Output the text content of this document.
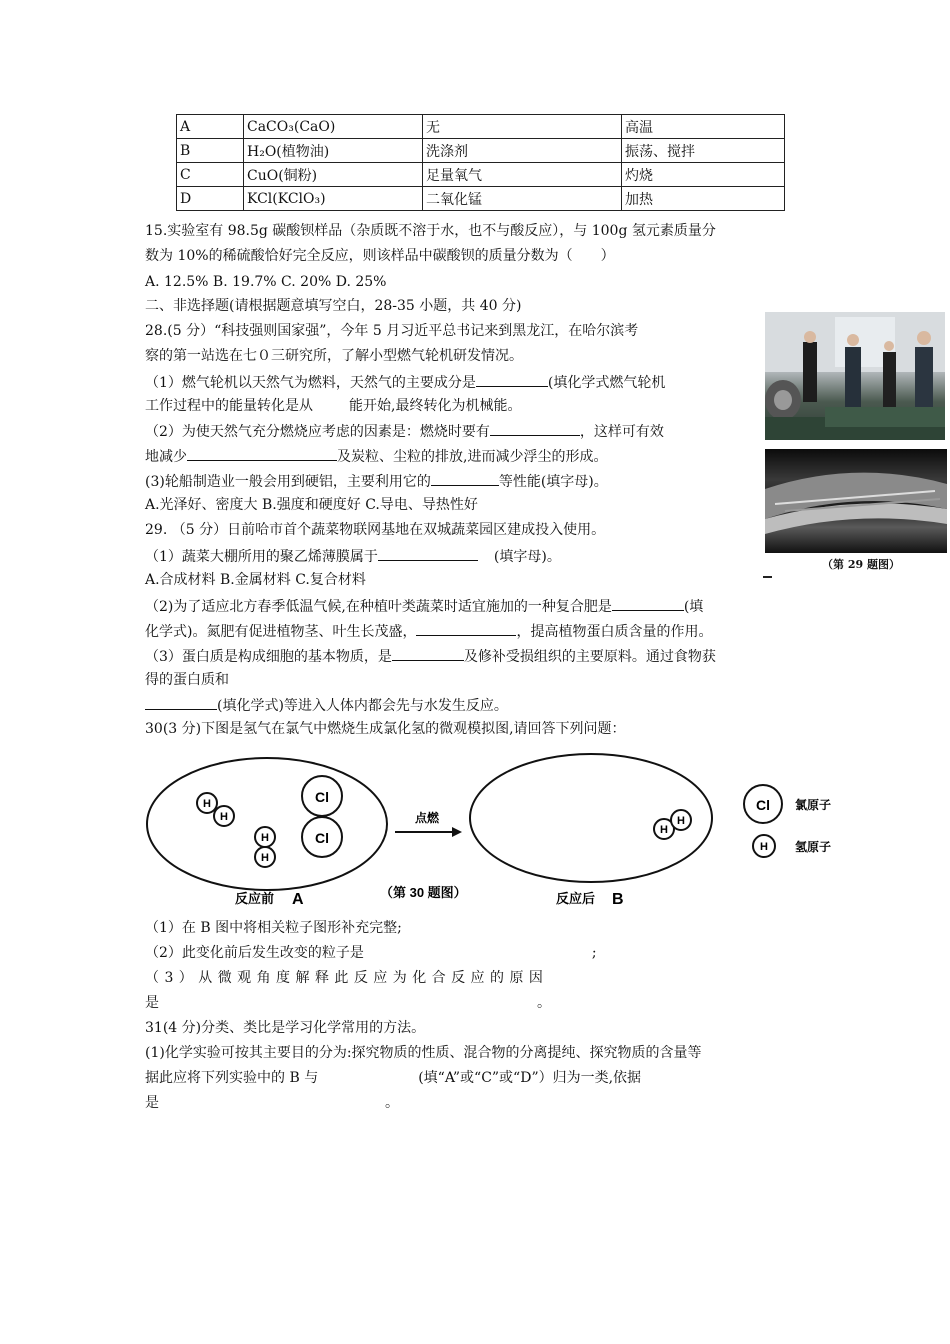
A	CaCO₃(CaO)	无	高温
B	H₂O(植物油)	洗涤剂	振荡、搅拌
C	CuO(铜粉)	足量氧气	灼烧
D	KCl(KClO₃)	二氧化锰	加热
15.实验室有 98.5g 碳酸钡样品（杂质既不溶于水，也不与酸反应），与 100g 氢元素质量分
数为 10%的稀硫酸恰好完全反应，则该样品中碳酸钡的质量分数为（　　）
A. 12.5% B. 19.7% C. 20% D. 25%
二、非选择题(请根据题意填写空白，28-35 小题，共 40 分)
28.(5 分）“科技强则国家强”，今年 5 月习近平总书记来到黑龙江，在哈尔滨考
察的第一站选在七０三研究所，了解小型燃气轮机研发情况。
（1）燃气轮机以天然气为燃料，天然气的主要成分是	(填化学式燃气轮机
工作过程中的能量转化是从	能开始,最终转化为机械能。
（2）为使天然气充分燃烧应考虑的因素是：燃烧时要有	，这样可有效
地减少	及炭粒、尘粒的排放,进而减少浮尘的形成。
(3)轮船制造业一般会用到硬铝，主要利用它的	等性能(填字母)。
A.光泽好、密度大 B.强度和硬度好 C.导电、导热性好
（第 29 题图）
29. （5 分）日前哈市首个蔬菜物联网基地在双城蔬菜园区建成投入使用。
（1）蔬菜大棚所用的聚乙烯薄膜属于	(填字母)。
A.合成材料 B.金属材料 C.复合材料
（2)为了适应北方春季低温气候,在种植叶类蔬菜时适宜施加的一种复合肥是	(填
化学式)。氮肥有促进植物茎、叶生长茂盛，	，提高植物蛋白质含量的作用。
（3）蛋白质是构成细胞的基本物质，是	及修补受损组织的主要原料。通过食物获
得的蛋白质和
(填化学式)等进入人体内都会先与水发生反应。
30(3 分)下图是氢气在氯气中燃烧生成氯化氢的微观模拟图,请回答下列问题：
H
H
Cl
Cl
H
H
点燃
H
H
Cl 氯原子
H 氢原子
反应前 A	（第 30 题图）	反应后 B
（1）在 B 图中将相关粒子图形补充完整;
（2）此变化前后发生改变的粒子是	;
（ 3 ） 从 微 观 角 度 解 释 此 反 应 为 化 合 反 应 的 原 因
是	。
31(4 分)分类、类比是学习化学常用的方法。
(1)化学实验可按其主要目的分为:探究物质的性质、混合物的分离提纯、探究物质的含量等
据此应将下列实验中的 B 与	(填“A”或“C”或“D”）归为一类,依据
是	。
